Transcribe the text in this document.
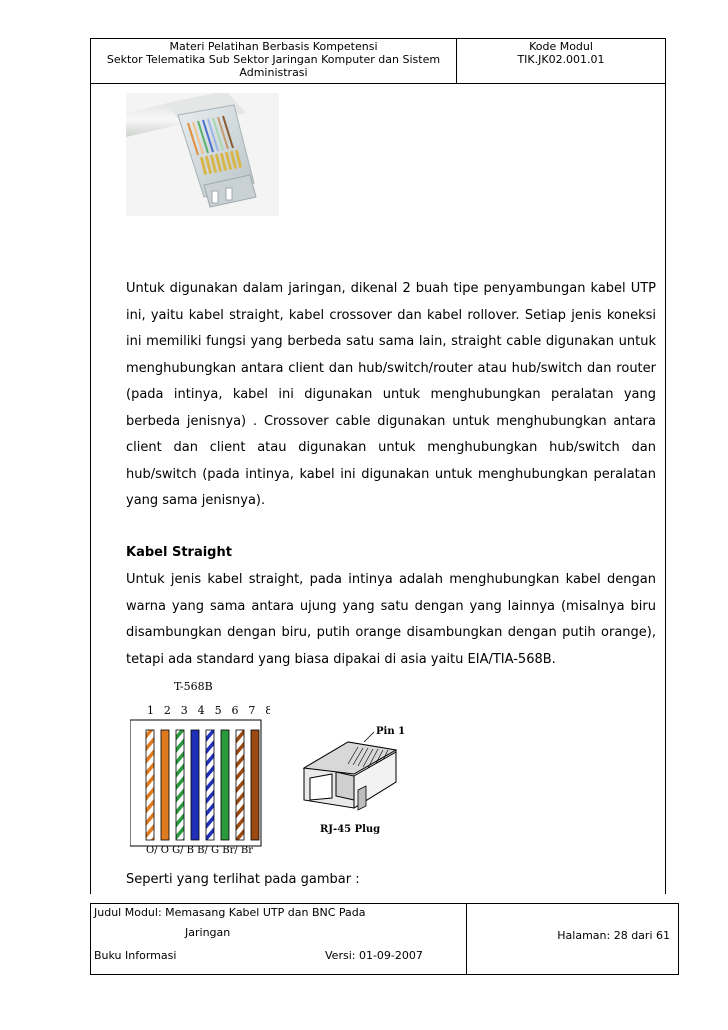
Materi Pelatihan Berbasis Kompetensi
Sektor Telematika Sub Sektor Jaringan Komputer dan Sistem
Administrasi
Kode Modul
TIK.JK02.001.01

Untuk digunakan dalam jaringan, dikenal 2 buah tipe penyambungan kabel UTP ini, yaitu kabel straight, kabel crossover dan kabel rollover. Setiap jenis koneksi ini memiliki fungsi yang berbeda satu sama lain, straight cable digunakan untuk menghubungkan antara client dan hub/switch/router atau hub/switch dan router (pada intinya, kabel ini digunakan untuk menghubungkan peralatan yang berbeda jenisnya) . Crossover cable digunakan untuk menghubungkan antara client dan client atau digunakan untuk menghubungkan hub/switch dan hub/switch (pada intinya, kabel ini digunakan untuk menghubungkan peralatan yang sama jenisnya).

Kabel Straight

Untuk jenis kabel straight, pada intinya adalah menghubungkan kabel dengan warna yang sama antara ujung yang satu dengan yang lainnya (misalnya biru disambungkan dengan biru, putih orange disambungkan dengan putih orange), tetapi ada standard yang biasa dipakai di asia yaitu EIA/TIA-568B.

T-568B
1 2 3 4 5 6 7 8
O/ O G/ B B/ G Br/ Br
Pin 1
RJ-45 Plug
Seperti yang terlihat pada gambar :
Judul Modul: Memasang Kabel UTP dan BNC Pada
Jaringan
Buku Informasi	Versi: 01-09-2007
Halaman: 28 dari 61
